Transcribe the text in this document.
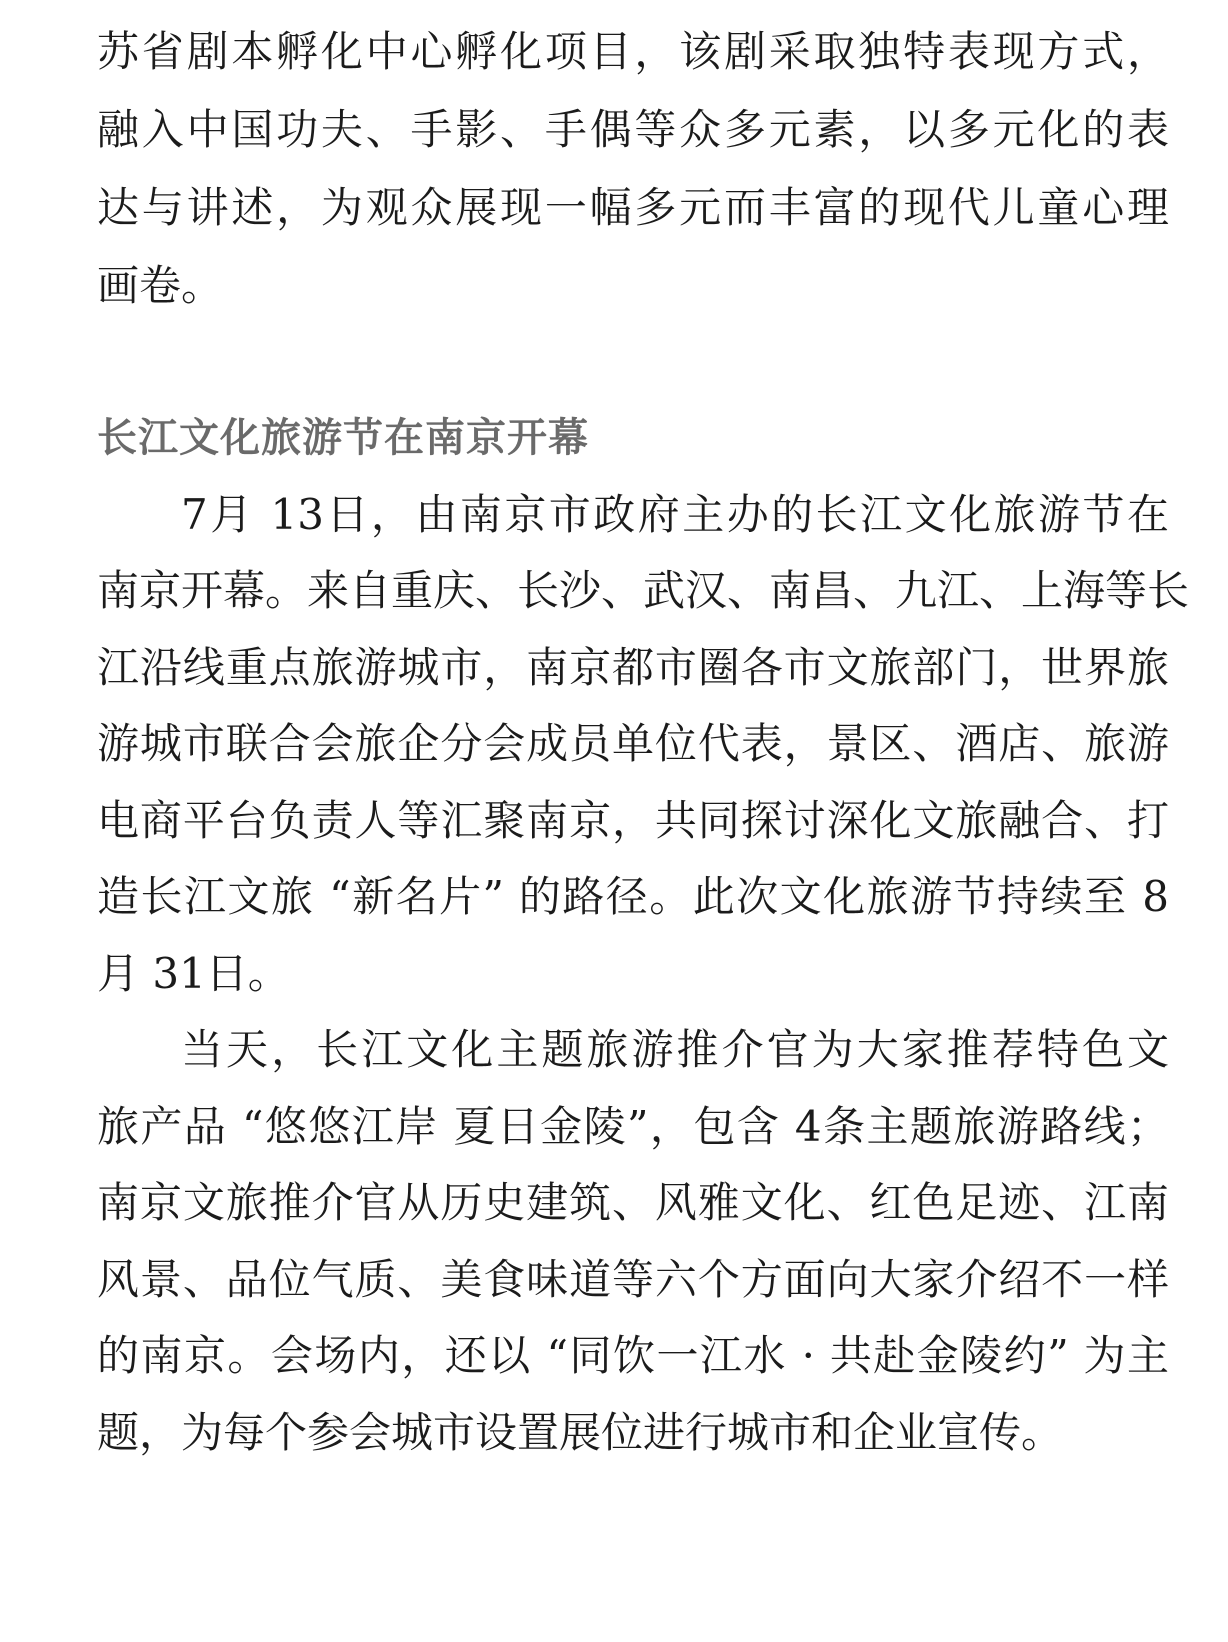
苏省剧本孵化中心孵化项目，该剧采取独特表现方式，
融入中国功夫、手影、手偶等众多元素，以多元化的表
达与讲述，为观众展现一幅多元而丰富的现代儿童心理
画卷。
长江文化旅游节在南京开幕
7月 13日，由南京市政府主办的长江文化旅游节在
南京开幕。来自重庆、长沙、武汉、南昌、九江、上海等长
江沿线重点旅游城市，南京都市圈各市文旅部门，世界旅
游城市联合会旅企分会成员单位代表，景区、酒店、旅游
电商平台负责人等汇聚南京，共同探讨深化文旅融合、打
造长江文旅 “新名片” 的路径。此次文化旅游节持续至 8
月 31日。
当天，长江文化主题旅游推介官为大家推荐特色文
旅产品 “悠悠江岸 夏日金陵”，包含 4条主题旅游路线；
南京文旅推介官从历史建筑、风雅文化、红色足迹、江南
风景、品位气质、美食味道等六个方面向大家介绍不一样
的南京。会场内，还以 “同饮一江水 · 共赴金陵约” 为主
题，为每个参会城市设置展位进行城市和企业宣传。
